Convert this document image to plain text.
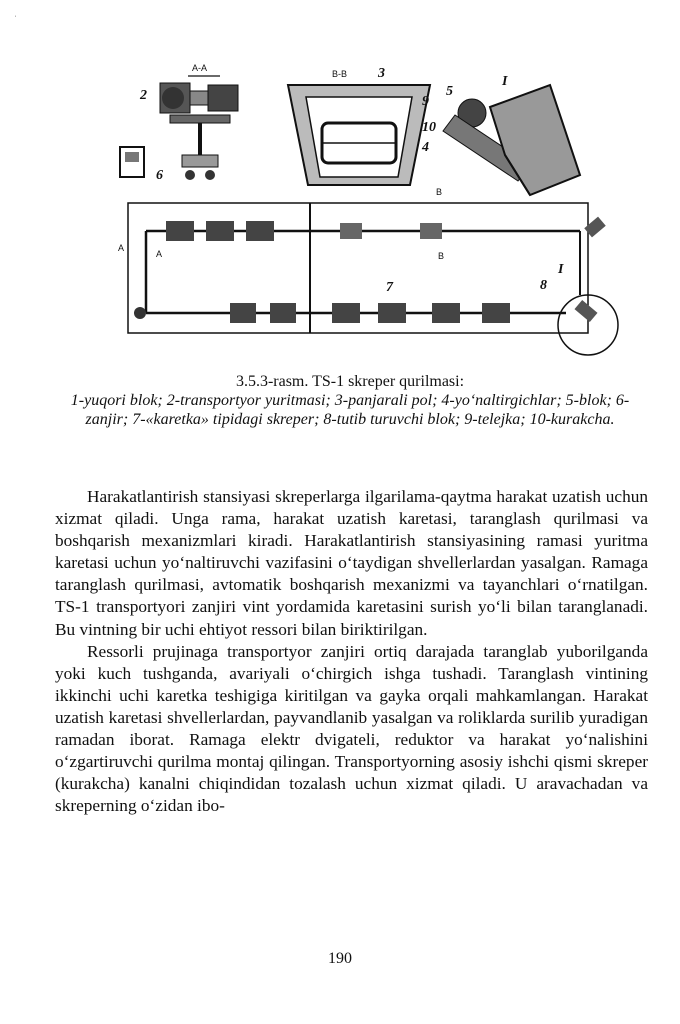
ˈ
A-A
2
6
B-B 3
9
10
4
5
I
A
A
B
B
7	8
I
3.5.3-rasm. TS-1 skreper qurilmasi:
1-yuqori blok; 2-transportyor yuritmasi; 3-panjarali pol; 4-yo‘naltirgichlar; 5-blok; 6-zanjir; 7-«karetka» tipidagi skreper; 8-tutib turuvchi blok; 9-telejka; 10-kurakcha.

Harakatlantirish stansiyasi skreperlarga ilgarilama-qaytma harakat uzatish uchun xizmat qiladi. Unga rama, harakat uzatish karetasi, taranglash qurilmasi va boshqarish mexanizmlari kiradi. Harakatlantirish stansiyasining ramasi yuritma karetasi uchun yo‘naltiruvchi vazifasini o‘taydigan shvellerlardan yasalgan. Ramaga taranglash qurilmasi, avtomatik boshqarish mexanizmi va tayanchlari o‘rnatilgan. TS-1 transportyori zanjiri vint yordamida karetasini surish yo‘li bilan taranglanadi. Bu vintning bir uchi ehtiyot ressori bilan biriktirilgan.

Ressorli prujinaga transportyor zanjiri ortiq darajada taranglab yuborilganda yoki kuch tushganda, avariyali o‘chirgich ishga tushadi. Taranglash vintining ikkinchi uchi karetka teshigiga kiritilgan va gayka orqali mahkamlangan. Harakat uzatish karetasi shvellerlardan, payvandlanib yasalgan va roliklarda surilib yuradigan ramadan iborat. Ramaga elektr dvigateli, reduktor va harakat yo‘nalishini o‘zgartiruvchi qurilma montaj qilingan. Transportyorning asosiy ishchi qismi skreper (kurakcha) kanalni chiqindidan tozalash uchun xizmat qiladi. U aravachadan va skreperning o‘zidan ibo-

190
